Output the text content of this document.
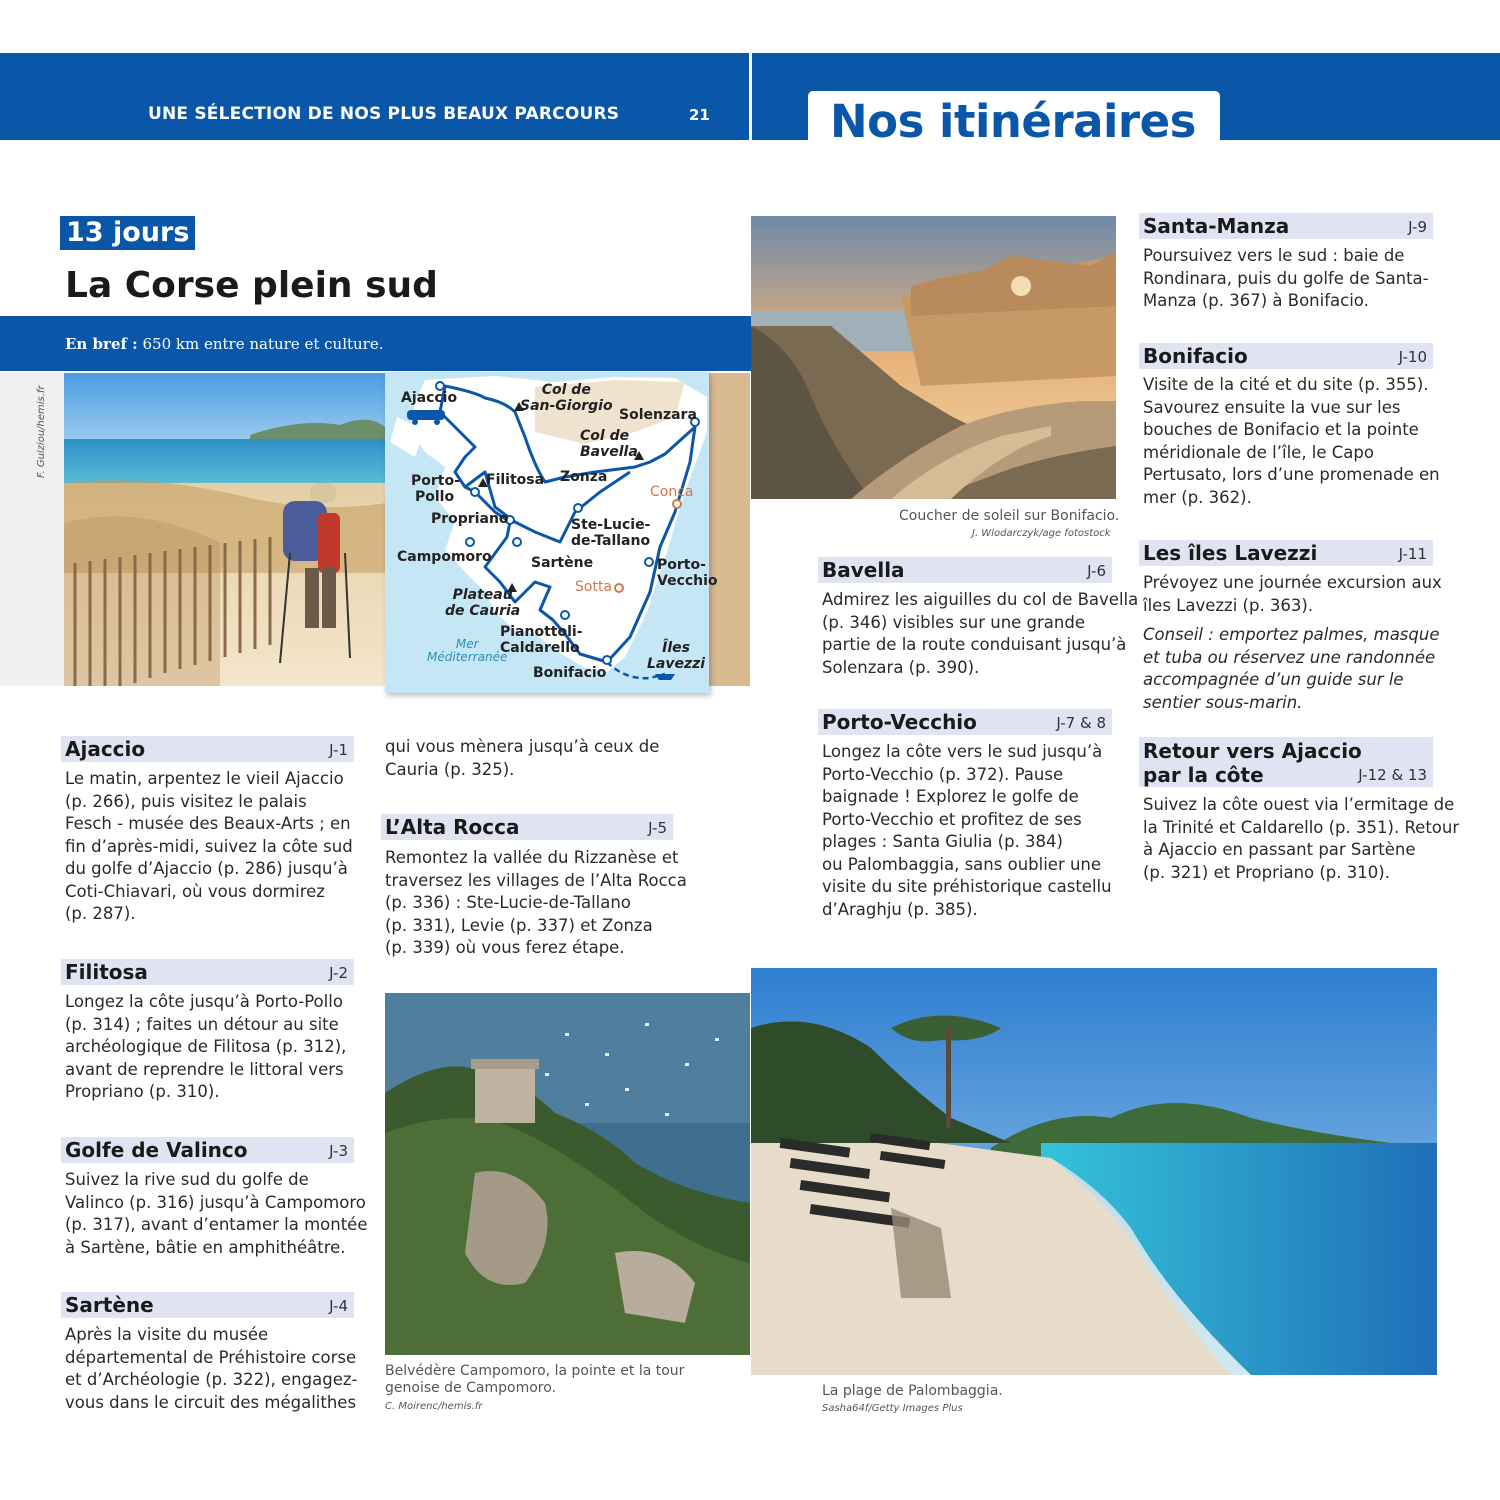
UNE SÉLECTION DE NOS PLUS BEAUX PARCOURS	21	Nos itinéraires
13 jours
La Corse plein sud
En bref : 650 km entre nature et culture.
F. Guiziou/hemis.fr	Ajaccio	Col de
San-Giorgio
Solenzara
Col de
Bavella
Porto-
Pollo
Filitosa Zonza
Conca
Propriano	Ste-Lucie-
de-Tallano
Campomoro	Sartène	Porto-
Vecchio
Sotta
Plateau
de Cauria
Mer
Méditerranée
Pianottoli-
Caldarello	Îles
Lavezzi
Bonifacio
Coucher de soleil sur Bonifacio.
J. Wlodarczyk/age fotostock
Belvédère Campomoro, la pointe et la tour
genoise de Campomoro.
C. Moirenc/hemis.fr
La plage de Palombaggia.
Sasha64f/Getty Images Plus
Ajaccio	J-1
Le matin, arpentez le vieil Ajaccio
(p. 266), puis visitez le palais
Fesch - musée des Beaux-Arts ; en
fin d’après-midi, suivez la côte sud
du golfe d’Ajaccio (p. 286) jusqu’à
Coti-Chiavari, où vous dormirez
(p. 287).
Filitosa	J-2
Longez la côte jusqu’à Porto-Pollo
(p. 314) ; faites un détour au site
archéologique de Filitosa (p. 312),
avant de reprendre le littoral vers
Propriano (p. 310).
Golfe de Valinco	J-3
Suivez la rive sud du golfe de
Valinco (p. 316) jusqu’à Campomoro
(p. 317), avant d’entamer la montée
à Sartène, bâtie en amphithéâtre.
Sartène	J-4
Après la visite du musée
départemental de Préhistoire corse
et d’Archéologie (p. 322), engagez-
vous dans le circuit des mégalithes
qui vous mènera jusqu’à ceux de
Cauria (p. 325).
L’Alta Rocca	J-5
Remontez la vallée du Rizzanèse et
traversez les villages de l’Alta Rocca
(p. 336) : Ste-Lucie-de-Tallano
(p. 331), Levie (p. 337) et Zonza
(p. 339) où vous ferez étape.
Bavella	J-6
Admirez les aiguilles du col de Bavella
(p. 346) visibles sur une grande
partie de la route conduisant jusqu’à
Solenzara (p. 390).
Porto-Vecchio	J-7 & 8
Longez la côte vers le sud jusqu’à
Porto-Vecchio (p. 372). Pause
baignade ! Explorez le golfe de
Porto-Vecchio et profitez de ses
plages : Santa Giulia (p. 384)
ou Palombaggia, sans oublier une
visite du site préhistorique castellu
d’Araghju (p. 385).
Santa-Manza	J-9
Poursuivez vers le sud : baie de
Rondinara, puis du golfe de Santa-
Manza (p. 367) à Bonifacio.
Bonifacio	J-10
Visite de la cité et du site (p. 355).
Savourez ensuite la vue sur les
bouches de Bonifacio et la pointe
méridionale de l’île, le Capo
Pertusato, lors d’une promenade en
mer (p. 362).
Les îles Lavezzi	J-11
Prévoyez une journée excursion aux
îles Lavezzi (p. 363).
Conseil : emportez palmes, masque
et tuba ou réservez une randonnée
accompagnée d’un guide sur le
sentier sous-marin.
Retour vers Ajaccio
par la côte	J-12 & 13
Suivez la côte ouest via l’ermitage de
la Trinité et Caldarello (p. 351). Retour
à Ajaccio en passant par Sartène
(p. 321) et Propriano (p. 310).
